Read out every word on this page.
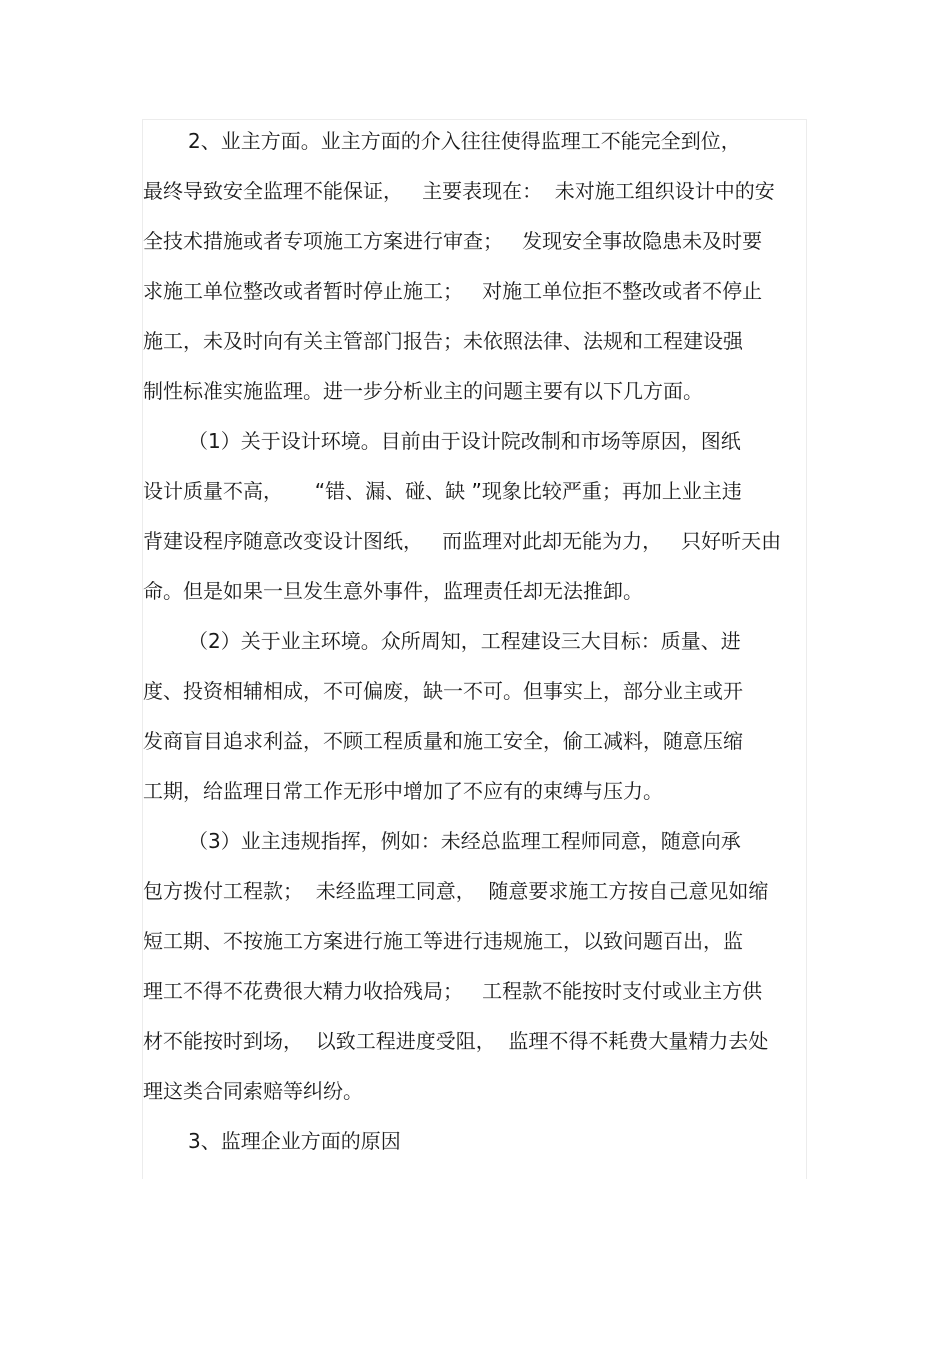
2、业主方面。业主方面的介入往往使得监理工不能完全到位，
最终导致安全监理不能保证，   主要表现在：  未对施工组织设计中的安
全技术措施或者专项施工方案进行审查；   发现安全事故隐患未及时要
求施工单位整改或者暂时停止施工；   对施工单位拒不整改或者不停止
施工，未及时向有关主管部门报告；未依照法律、法规和工程建设强
制性标准实施监理。进一步分析业主的问题主要有以下几方面。
（1）关于设计环境。目前由于设计院改制和市场等原因，图纸
设计质量不高，     “错、漏、碰、缺 ”现象比较严重；再加上业主违
背建设程序随意改变设计图纸，   而监理对此却无能为力，   只好听天由
命。但是如果一旦发生意外事件，监理责任却无法推卸。
（2）关于业主环境。众所周知，工程建设三大目标：质量、进
度、投资相辅相成，不可偏废，缺一不可。但事实上，部分业主或开
发商盲目追求利益，不顾工程质量和施工安全，偷工减料，随意压缩
工期，给监理日常工作无形中增加了不应有的束缚与压力。
（3）业主违规指挥，例如：未经总监理工程师同意，随意向承
包方拨付工程款；  未经监理工同意，  随意要求施工方按自己意见如缩
短工期、不按施工方案进行施工等进行违规施工，以致问题百出，监
理工不得不花费很大精力收拾残局；   工程款不能按时支付或业主方供
材不能按时到场，  以致工程进度受阻，  监理不得不耗费大量精力去处
理这类合同索赔等纠纷。
3、监理企业方面的原因
